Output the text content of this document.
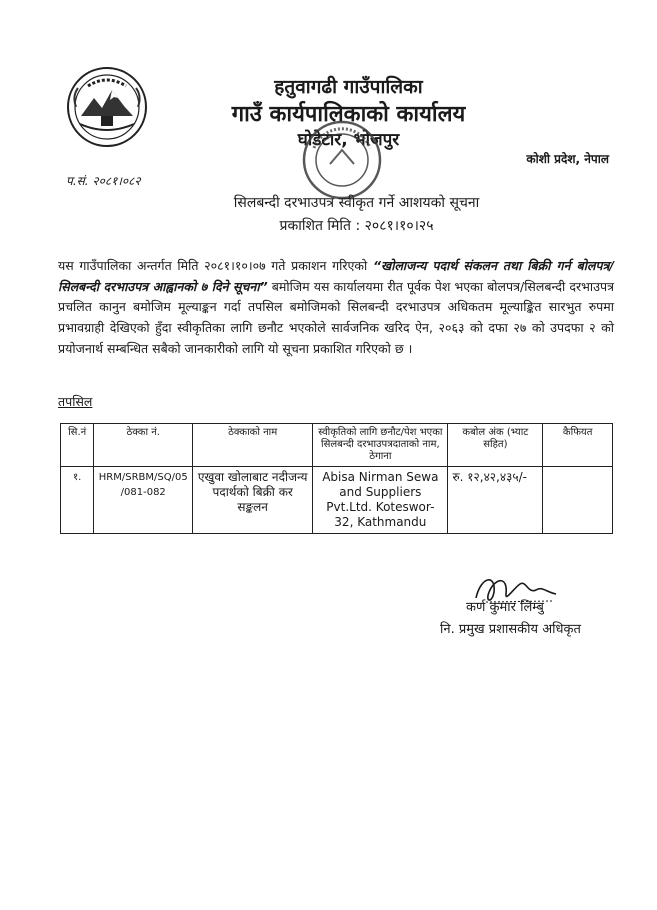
हतुवागढी गाउँपालिका
गाउँ कार्यपालिकाको कार्यालय
घोडेटार, भोजपुर
कोशी प्रदेश, नेपाल
प.सं. २०८१।०८२
सिलबन्दी दरभाउपत्र स्वीकृत गर्ने आशयको सूचना
प्रकाशित मिति : २०८१।१०।२५
यस गाउँपालिका अन्तर्गत मिति २०८१।१०।०७ गते प्रकाशन गरिएको “खोलाजन्य पदार्थ संकलन तथा बिक्री गर्न बोलपत्र/सिलबन्दी दरभाउपत्र आह्वानको ७ दिने सूचना” बमोजिम यस कार्यालयमा रीत पूर्वक पेश भएका बोलपत्र/सिलबन्दी दरभाउपत्र प्रचलित कानुन बमोजिम मूल्याङ्कन गर्दा तपसिल बमोजिमको सिलबन्दी दरभाउपत्र अधिकतम मूल्याङ्कित सारभुत रुपमा प्रभावग्राही देखिएको हुँदा स्वीकृतिका लागि छनौट भएकोले सार्वजनिक खरिद ऐन, २०६३ को दफा २७ को उपदफा २ को प्रयोजनार्थ सम्बन्धित सबैको जानकारीको लागि यो सूचना प्रकाशित गरिएको छ ।
तपसिल
सि.नं	ठेक्का नं.	ठेक्काको नाम	स्वीकृतिको लागि छनौट/पेश भएका सिलबन्दी दरभाउपत्रदाताको नाम, ठेगाना	कबोल अंक (भ्याट सहित)	कैफियत
१.	HRM/SRBM/SQ/05 /081-082	एखुवा खोलाबाट नदीजन्य पदार्थको बिक्री कर सङ्कलन	Abisa Nirman Sewa and Suppliers Pvt.Ltd. Koteswor-32, Kathmandu	रु. १२,४२,४३५/-	
कर्ण कुमार लिम्बु
नि. प्रमुख प्रशासकीय अधिकृत
